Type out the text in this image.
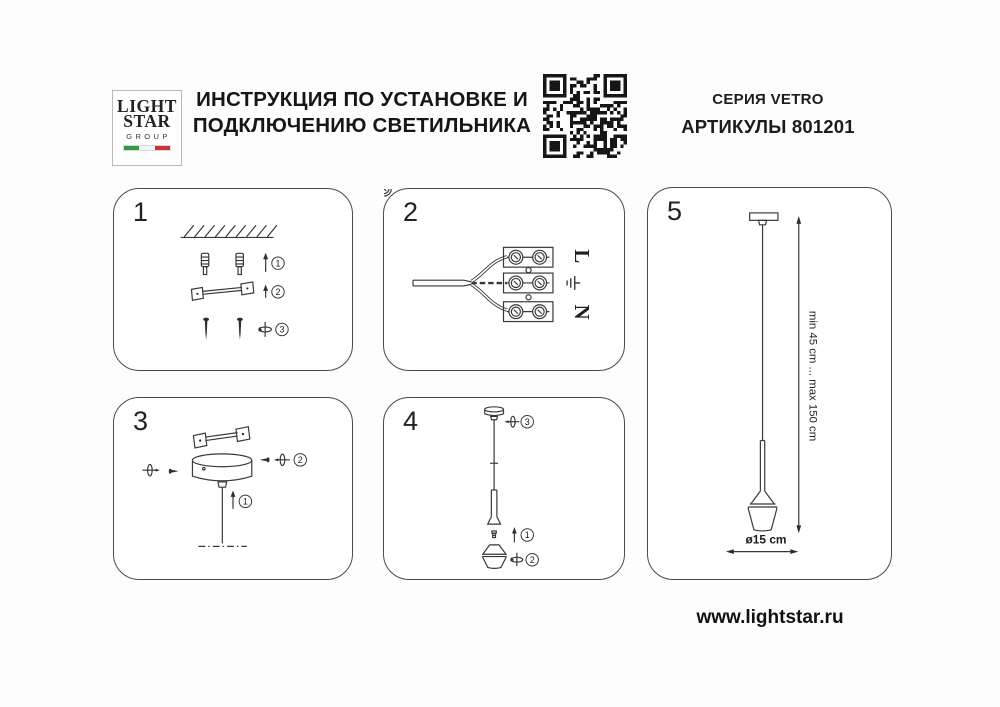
LIGHT
STAR
GROUP
ИНСТРУКЦИЯ ПО УСТАНОВКЕ И
ПОДКЛЮЧЕНИЮ СВЕТИЛЬНИКА
СЕРИЯ VETRO
АРТИКУЛЫ 801201
1
1
2
3
2
L
N
3
1
2
4	3
1
2
5
min 45 cm ... max 150 cm
ø15 cm
www.lightstar.ru
